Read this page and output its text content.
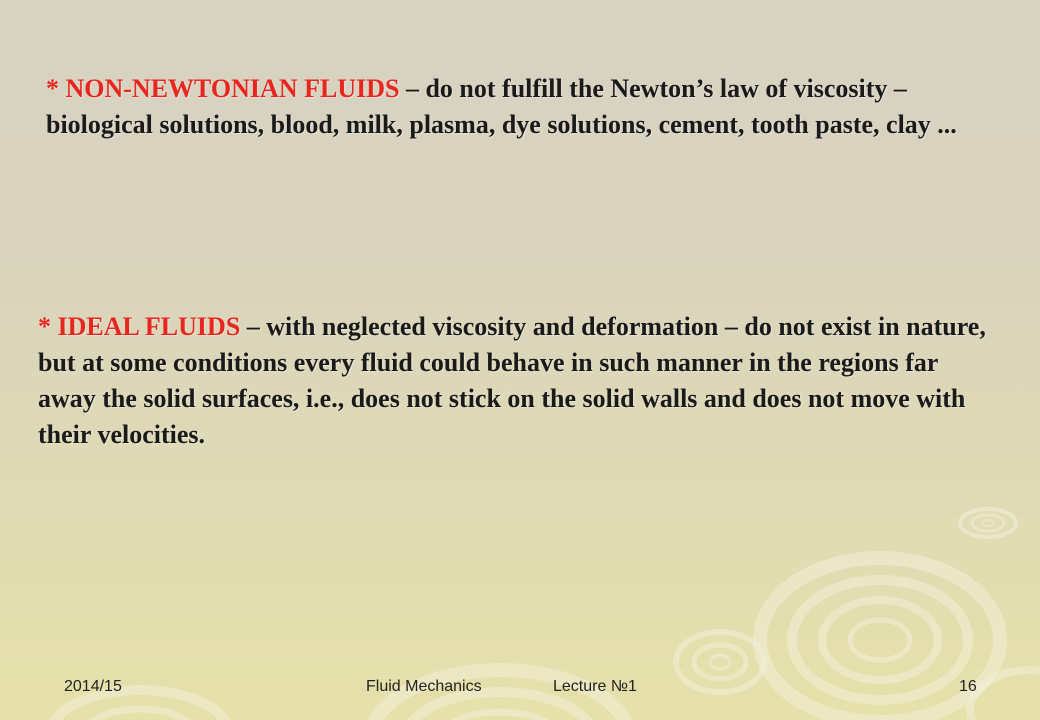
* NON-NEWTONIAN FLUIDS – do not fulfill the Newton’s law of viscosity – biological solutions, blood, milk, plasma, dye solutions, cement, tooth paste, clay ...

* IDEAL FLUIDS – with neglected viscosity and deformation – do not exist in nature, but at some conditions every fluid could behave in such manner in the regions far away the solid surfaces, i.e., does not stick on the solid walls and does not move with their velocities.

2014/15	Fluid Mechanics	Lecture №1	16
